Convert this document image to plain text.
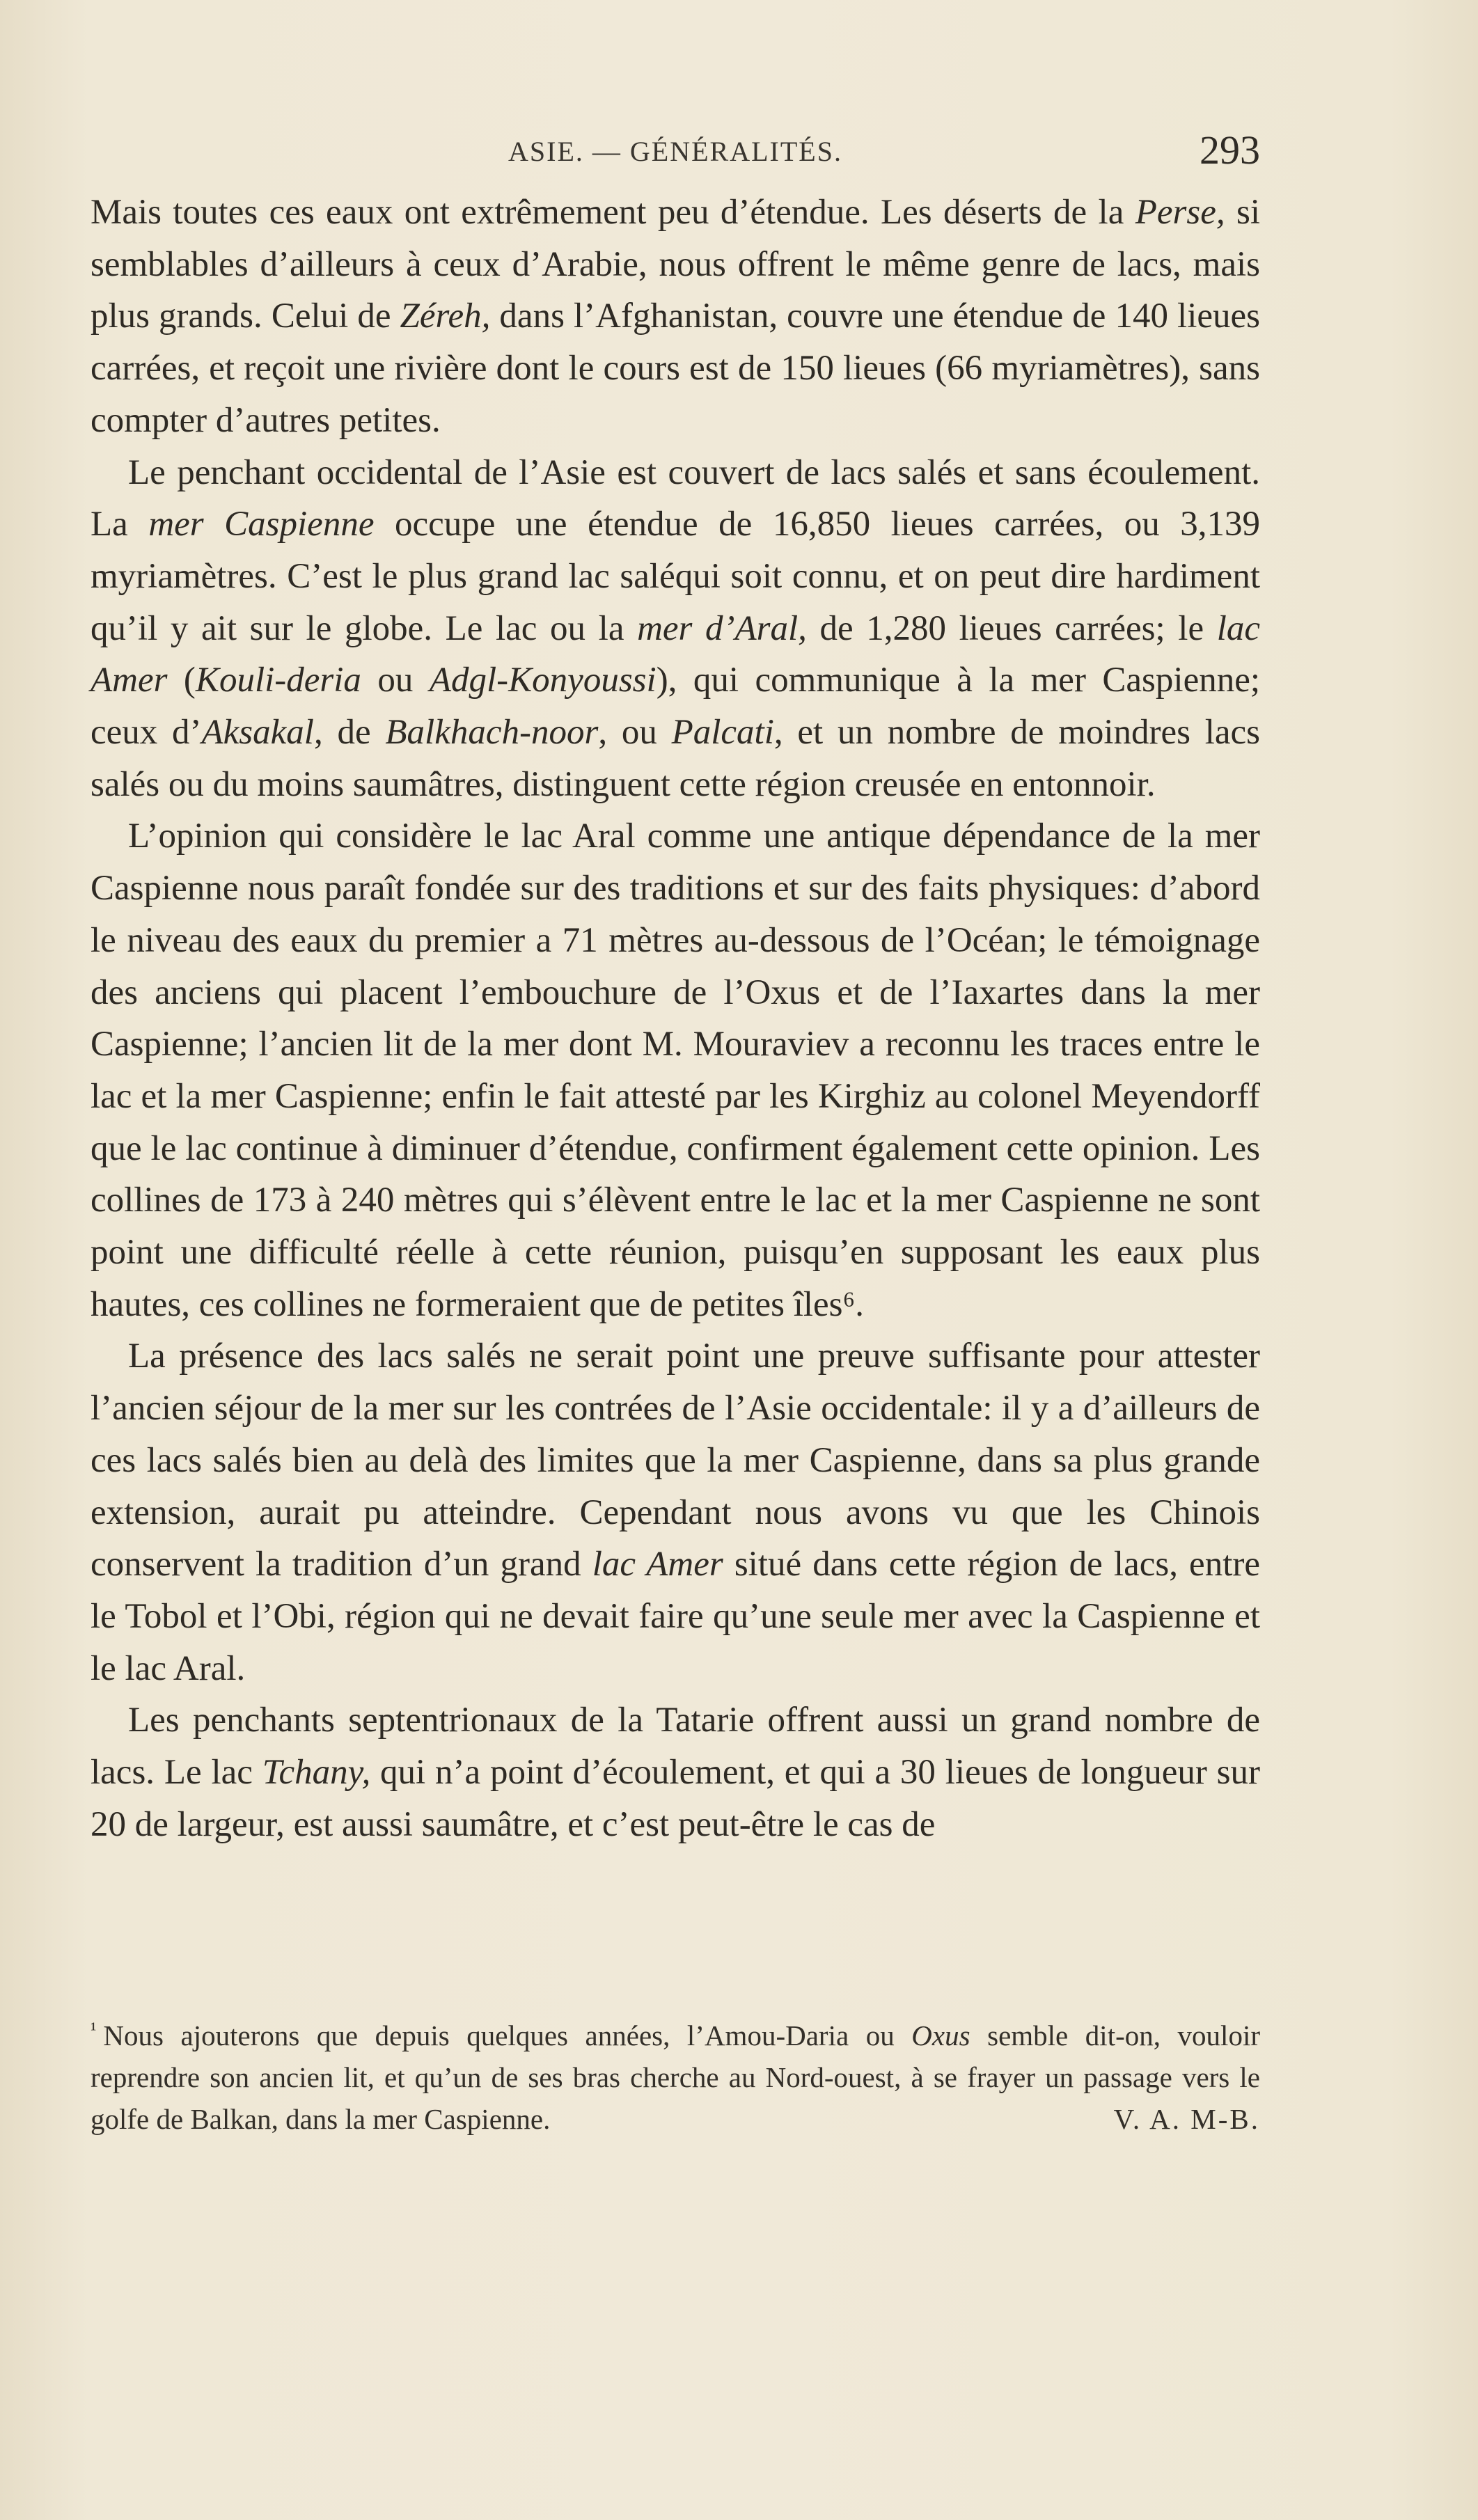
ASIE. — GÉNÉRALITÉS.	293

Mais toutes ces eaux ont extrêmement peu d’étendue. Les déserts de la Perse, si semblables d’ailleurs à ceux d’Arabie, nous offrent le même genre de lacs, mais plus grands. Celui de Zéreh, dans l’Afghanistan, couvre une étendue de 140 lieues carrées, et reçoit une rivière dont le cours est de 150 lieues (66 myriamètres), sans compter d’autres petites.

Le penchant occidental de l’Asie est couvert de lacs salés et sans écoulement. La mer Caspienne occupe une étendue de 16,850 lieues carrées, ou 3,139 myriamètres. C’est le plus grand lac saléqui soit connu, et on peut dire hardiment qu’il y ait sur le globe. Le lac ou la mer d’Aral, de 1,280 lieues carrées; le lac Amer (Kouli-deria ou Adgl-Konyoussi), qui communique à la mer Caspienne; ceux d’Aksakal, de Balkhach-noor, ou Palcati, et un nombre de moindres lacs salés ou du moins saumâtres, distinguent cette région creusée en entonnoir.

L’opinion qui considère le lac Aral comme une antique dépendance de la mer Caspienne nous paraît fondée sur des traditions et sur des faits physiques: d’abord le niveau des eaux du premier a 71 mètres au-dessous de l’Océan; le témoignage des anciens qui placent l’embouchure de l’Oxus et de l’Iaxartes dans la mer Caspienne; l’ancien lit de la mer dont M. Mouraviev a reconnu les traces entre le lac et la mer Caspienne; enfin le fait attesté par les Kirghiz au colonel Meyendorff que le lac continue à diminuer d’étendue, confirment également cette opinion. Les collines de 173 à 240 mètres qui s’élèvent entre le lac et la mer Caspienne ne sont point une difficulté réelle à cette réunion, puisqu’en supposant les eaux plus hautes, ces collines ne formeraient que de petites îles⁶.

La présence des lacs salés ne serait point une preuve suffisante pour attester l’ancien séjour de la mer sur les contrées de l’Asie occidentale: il y a d’ailleurs de ces lacs salés bien au delà des limites que la mer Caspienne, dans sa plus grande extension, aurait pu atteindre. Cependant nous avons vu que les Chinois conservent la tradition d’un grand lac Amer situé dans cette région de lacs, entre le Tobol et l’Obi, région qui ne devait faire qu’une seule mer avec la Caspienne et le lac Aral.

Les penchants septentrionaux de la Tatarie offrent aussi un grand nombre de lacs. Le lac Tchany, qui n’a point d’écoulement, et qui a 30 lieues de longueur sur 20 de largeur, est aussi saumâtre, et c’est peut-être le cas de

$^{^1}$ Nous ajouterons que depuis quelques années, l’Amou-Daria ou Oxus semble dit-on, vouloir reprendre son ancien lit, et qu’un de ses bras cherche au Nord-ouest, à se frayer un passage vers le golfe de Balkan, dans la mer Caspienne.	V. A. M-B.
